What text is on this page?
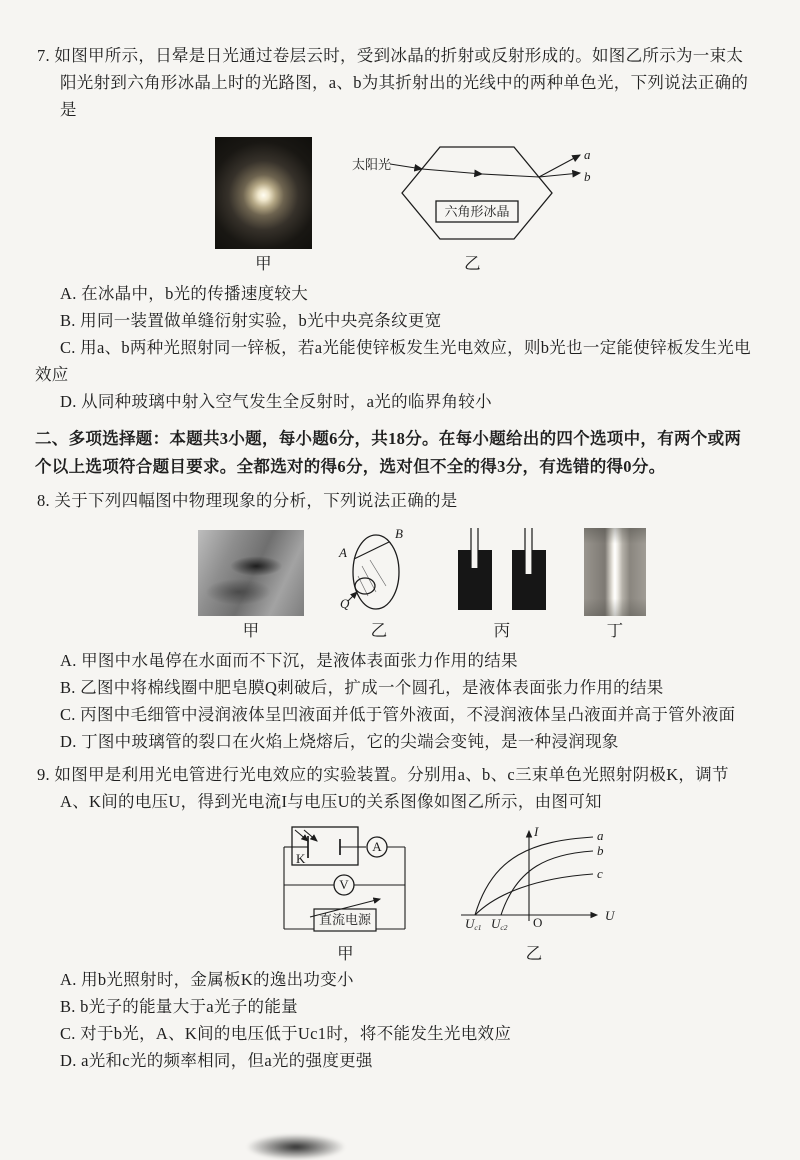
7. 如图甲所示，日晕是日光通过卷层云时，受到冰晶的折射或反射形成的。如图乙所示为一束太阳光射到六角形冰晶上时的光路图，a、b为其折射出的光线中的两种单色光，下列说法正确的是

甲
太阳光
六角形冰晶
a
b
乙

A. 在冰晶中，b光的传播速度较大

B. 用同一装置做单缝衍射实验，b光中央亮条纹更宽

C. 用a、b两种光照射同一锌板，若a光能使锌板发生光电效应，则b光也一定能使锌板发生光电效应

D. 从同种玻璃中射入空气发生全反射时，a光的临界角较小

二、多项选择题：本题共3小题，每小题6分，共18分。在每小题给出的四个选项中，有两个或两个以上选项符合题目要求。全都选对的得6分，选对但不全的得3分，有选错的得0分。

8. 关于下列四幅图中物理现象的分析，下列说法正确的是

甲
A
B
Q
乙	丙	丁

A. 甲图中水黾停在水面而不下沉，是液体表面张力作用的结果

B. 乙图中将棉线圈中肥皂膜Q刺破后，扩成一个圆孔，是液体表面张力作用的结果

C. 丙图中毛细管中浸润液体呈凹液面并低于管外液面，不浸润液体呈凸液面并高于管外液面

D. 丁图中玻璃管的裂口在火焰上烧熔后，它的尖端会变钝，是一种浸润现象

9. 如图甲是利用光电管进行光电效应的实验装置。分别用a、b、c三束单色光照射阴极K，调节A、K间的电压U，得到光电流I与电压U的关系图像如图乙所示，由图可知

K
A
V
直流电源
甲
I
U
O
Uc1 Uc2
a
b
c
乙

A. 用b光照射时，金属板K的逸出功变小

B. b光子的能量大于a光子的能量

C. 对于b光，A、K间的电压低于Uc1时，将不能发生光电效应

D. a光和c光的频率相同，但a光的强度更强
